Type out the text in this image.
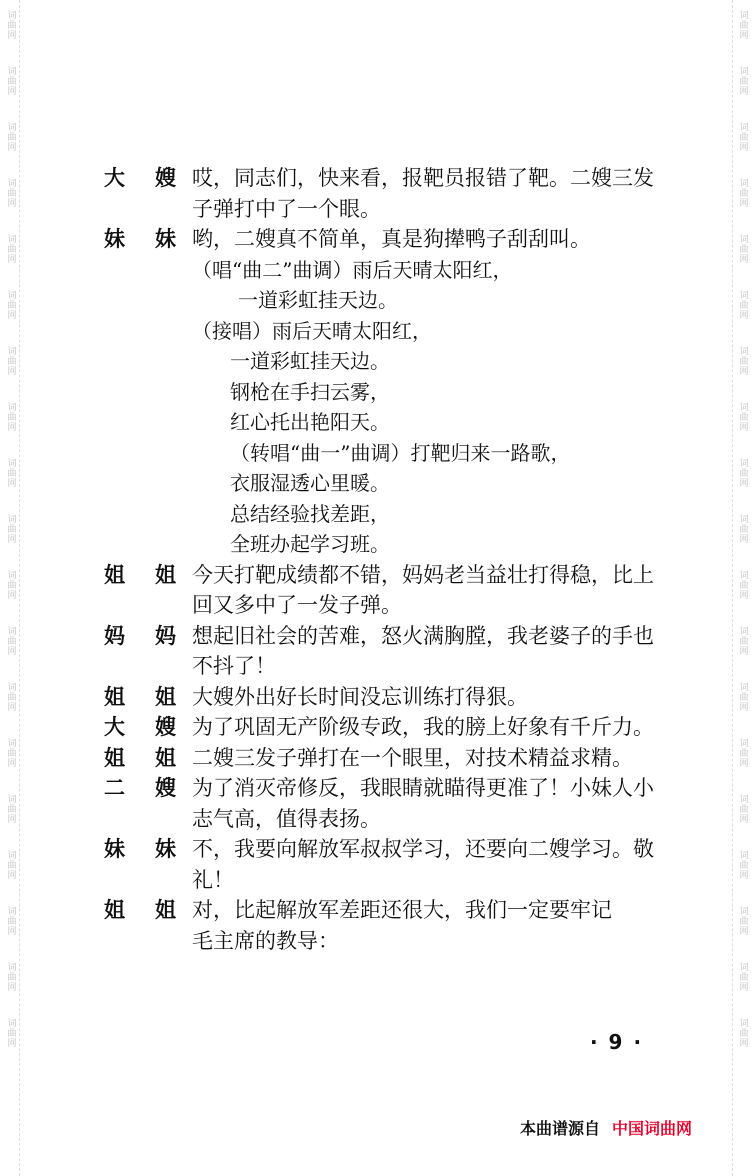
词曲网
词曲网
词曲网
词曲网
词曲网
词曲网
词曲网
词曲网
词曲网
词曲网
词曲网
词曲网
词曲网
词曲网
词曲网
词曲网
词曲网
词曲网
词曲网
词曲网
词曲网
词曲网
词曲网
词曲网
词曲网
词曲网
词曲网
词曲网
词曲网
词曲网
词曲网
词曲网
词曲网
词曲网
词曲网
词曲网
词曲网
词曲网
大 嫂 哎，同志们，快来看，报靶员报错了靶。二嫂三发
子弹打中了一个眼。
妹 妹 哟，二嫂真不简单，真是狗撵鸭子刮刮叫。
（唱“曲二”曲调）雨后天晴太阳红，
一道彩虹挂天边。
（接唱）雨后天晴太阳红，
一道彩虹挂天边。
钢枪在手扫云雾，
红心托出艳阳天。
（转唱“曲一”曲调）打靶归来一路歌，
衣服湿透心里暖。
总结经验找差距，
全班办起学习班。
姐 姐 今天打靶成绩都不错，妈妈老当益壮打得稳，比上
回又多中了一发子弹。
妈 妈 想起旧社会的苦难，怒火满胸膛，我老婆子的手也
不抖了！
姐 姐 大嫂外出好长时间没忘训练打得狠。
大 嫂 为了巩固无产阶级专政，我的膀上好象有千斤力。
姐 姐 二嫂三发子弹打在一个眼里，对技术精益求精。
二 嫂 为了消灭帝修反，我眼睛就瞄得更准了！小妹人小
志气高，值得表扬。
妹 妹 不，我要向解放军叔叔学习，还要向二嫂学习。敬
礼！
姐 姐 对，比起解放军差距还很大，我们一定要牢记
毛主席的教导：
· 9 ·
本曲谱源自 中国词曲网
